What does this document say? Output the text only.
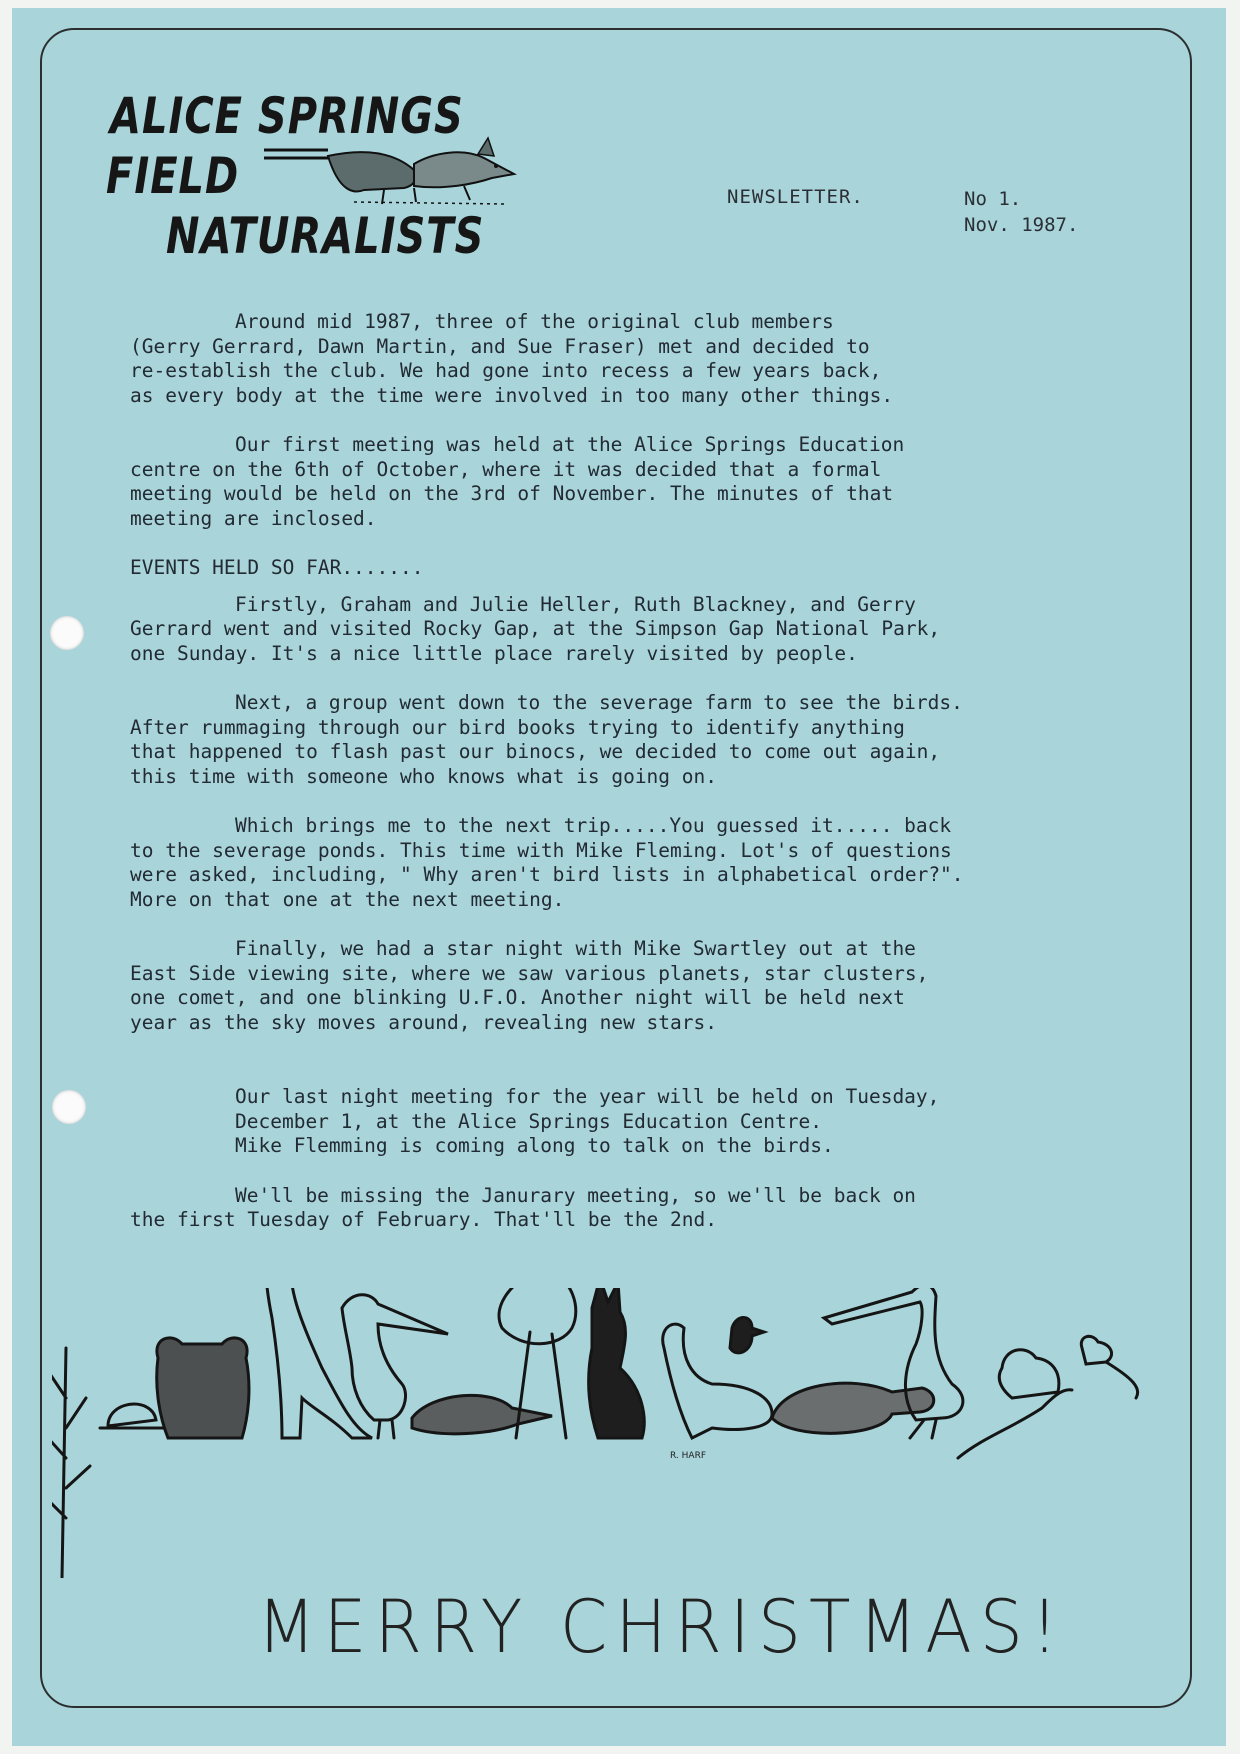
ALICE SPRINGS
FIELD
NATURALISTS
NEWSLETTER.	No 1.
Nov. 1987.

Around mid 1987, three of the original club members
(Gerry Gerrard, Dawn Martin, and Sue Fraser) met and decided to
re-establish the club. We had gone into recess a few years back,
as every body at the time were involved in too many other things.

Our first meeting was held at the Alice Springs Education
centre on the 6th of October, where it was decided that a formal
meeting would be held on the 3rd of November. The minutes of that
meeting are inclosed.

EVENTS HELD SO FAR.......

Firstly, Graham and Julie Heller, Ruth Blackney, and Gerry
Gerrard went and visited Rocky Gap, at the Simpson Gap National Park,
one Sunday. It's a nice little place rarely visited by people.

Next, a group went down to the severage farm to see the birds.
After rummaging through our bird books trying to identify anything
that happened to flash past our binocs, we decided to come out again,
this time with someone who knows what is going on.

Which brings me to the next trip.....You guessed it..... back
to the severage ponds. This time with Mike Fleming. Lot's of questions
were asked, including, " Why aren't bird lists in alphabetical order?".
More on that one at the next meeting.

Finally, we had a star night with Mike Swartley out at the
East Side viewing site, where we saw various planets, star clusters,
one comet, and one blinking U.F.O. Another night will be held next
year as the sky moves around, revealing new stars.

Our last night meeting for the year will be held on Tuesday,
December 1, at the Alice Springs Education Centre.
Mike Flemming is coming along to talk on the birds.

We'll be missing the Janurary meeting, so we'll be back on
the first Tuesday of February. That'll be the 2nd.

R. HARF
MERRY CHRISTMAS!
